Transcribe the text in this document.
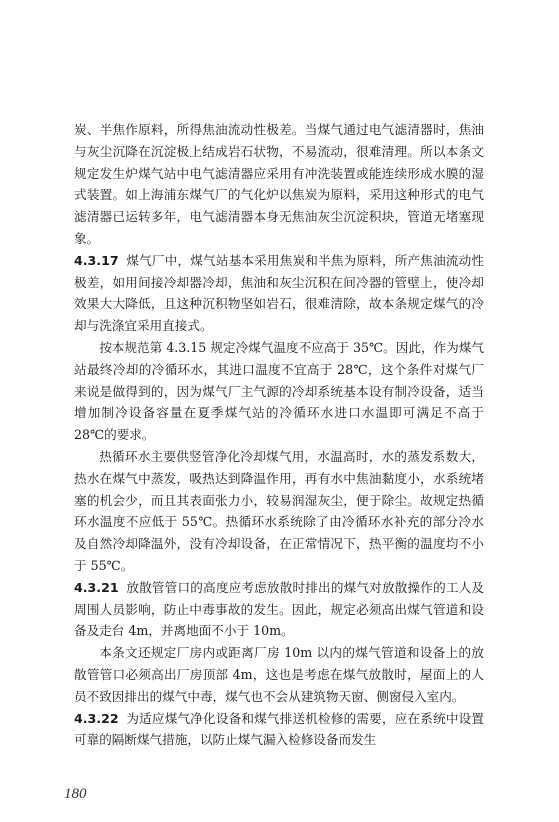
炭、半焦作原料，所得焦油流动性极差。当煤气通过电气滤清器时，焦油与灰尘沉降在沉淀极上结成岩石状物，不易流动，很难清理。所以本条文规定发生炉煤气站中电气滤清器应采用有冲洗装置或能连续形成水膜的湿式装置。如上海浦东煤气厂的气化炉以焦炭为原料，采用这种形式的电气滤清器已运转多年，电气滤清器本身无焦油灰尘沉淀积块，管道无堵塞现象。

4.3.17 煤气厂中，煤气站基本采用焦炭和半焦为原料，所产焦油流动性极差，如用间接冷却器冷却，焦油和灰尘沉积在间冷器的管壁上，使冷却效果大大降低，且这种沉积物坚如岩石，很难清除，故本条规定煤气的冷却与洗涤宜采用直接式。

按本规范第 4.3.15 规定冷煤气温度不应高于 35℃。因此，作为煤气站最终冷却的冷循环水，其进口温度不宜高于 28℃，这个条件对煤气厂来说是做得到的，因为煤气厂主气源的冷却系统基本设有制冷设备，适当增加制冷设备容量在夏季煤气站的冷循环水进口水温即可满足不高于 28℃的要求。

热循环水主要供竖管净化冷却煤气用，水温高时，水的蒸发系数大，热水在煤气中蒸发，吸热达到降温作用，再有水中焦油黏度小，水系统堵塞的机会少，而且其表面张力小，较易润湿灰尘，便于除尘。故规定热循环水温度不应低于 55℃。热循环水系统除了由冷循环水补充的部分冷水及自然冷却降温外，没有冷却设备，在正常情况下，热平衡的温度均不小于 55℃。

4.3.21 放散管管口的高度应考虑放散时排出的煤气对放散操作的工人及周围人员影响，防止中毒事故的发生。因此，规定必须高出煤气管道和设备及走台 4m，并离地面不小于 10m。

本条文还规定厂房内或距离厂房 10m 以内的煤气管道和设备上的放散管管口必须高出厂房顶部 4m，这也是考虑在煤气放散时，屋面上的人员不致因排出的煤气中毒，煤气也不会从建筑物天窗、侧窗侵入室内。

4.3.22 为适应煤气净化设备和煤气排送机检修的需要，应在系统中设置可靠的隔断煤气措施，以防止煤气漏入检修设备而发生

180
